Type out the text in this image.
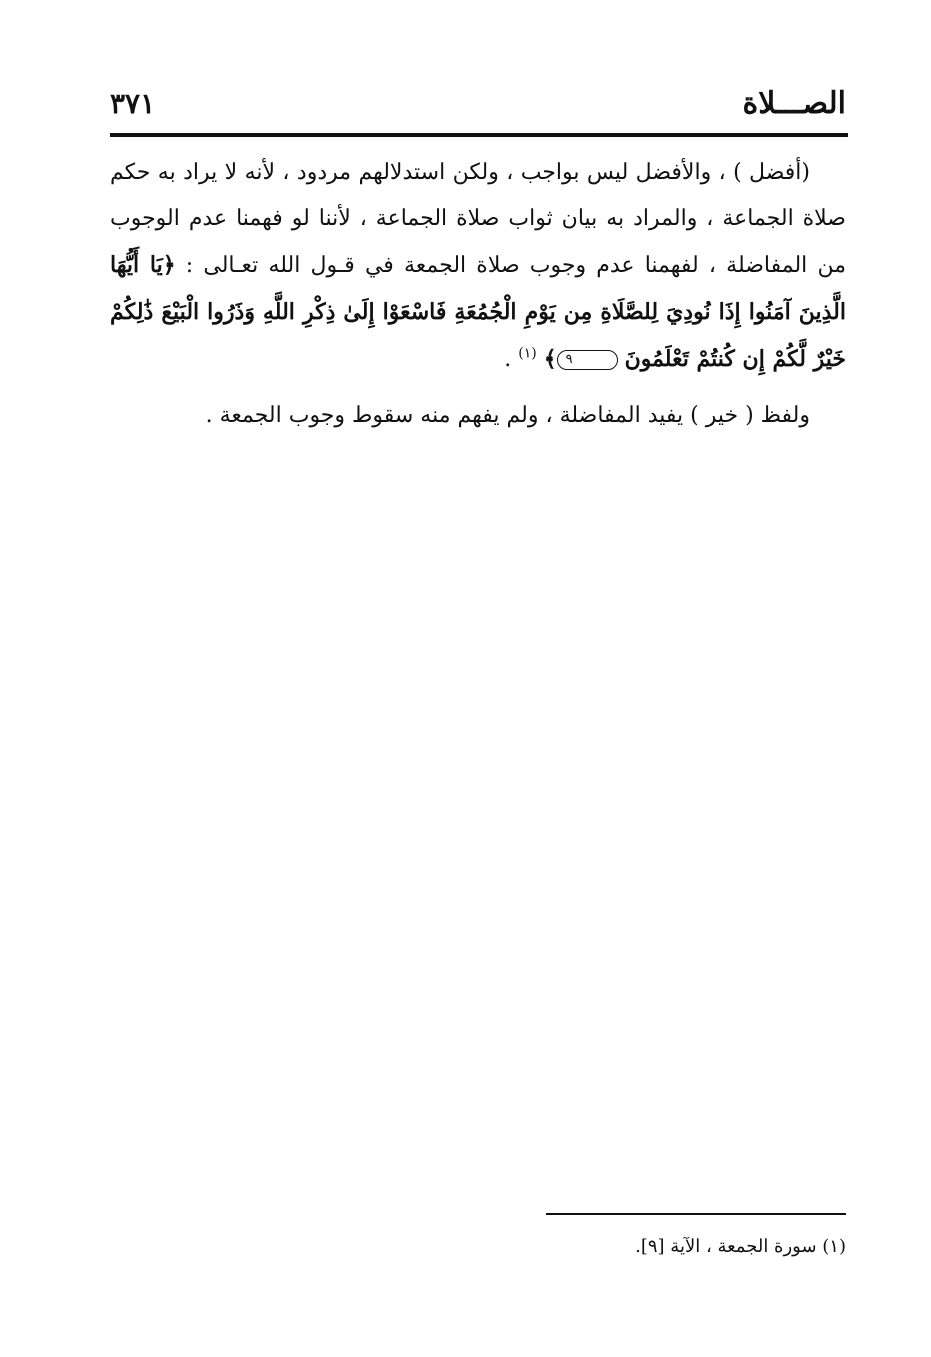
الصـــلاة
٣٧١

(أفضل ) ، والأفضل ليس بواجب ، ولكن استدلالهم مردود ، لأنه لا يراد به حكم صلاة الجماعة ، والمراد به بيان ثواب صلاة الجماعة ، لأننا لو فهمنا عدم الوجوب من المفاضلة ، لفهمنا عدم وجوب صلاة الجمعة في قـول الله تعـالى : ﴿يَا أَيُّهَا الَّذِينَ آمَنُوا إِذَا نُودِيَ لِلصَّلَاةِ مِن يَوْمِ الْجُمُعَةِ فَاسْعَوْا إِلَىٰ ذِكْرِ اللَّهِ وَذَرُوا الْبَيْعَ ذَٰلِكُمْ خَيْرٌ لَّكُمْ إِن كُنتُمْ تَعْلَمُونَ ٩﴾ $^{(١)}$ .

ولفظ ( خير ) يفيد المفاضلة ، ولم يفهم منه سقوط وجوب الجمعة .

(١) سورة الجمعة ، الآية [٩].
